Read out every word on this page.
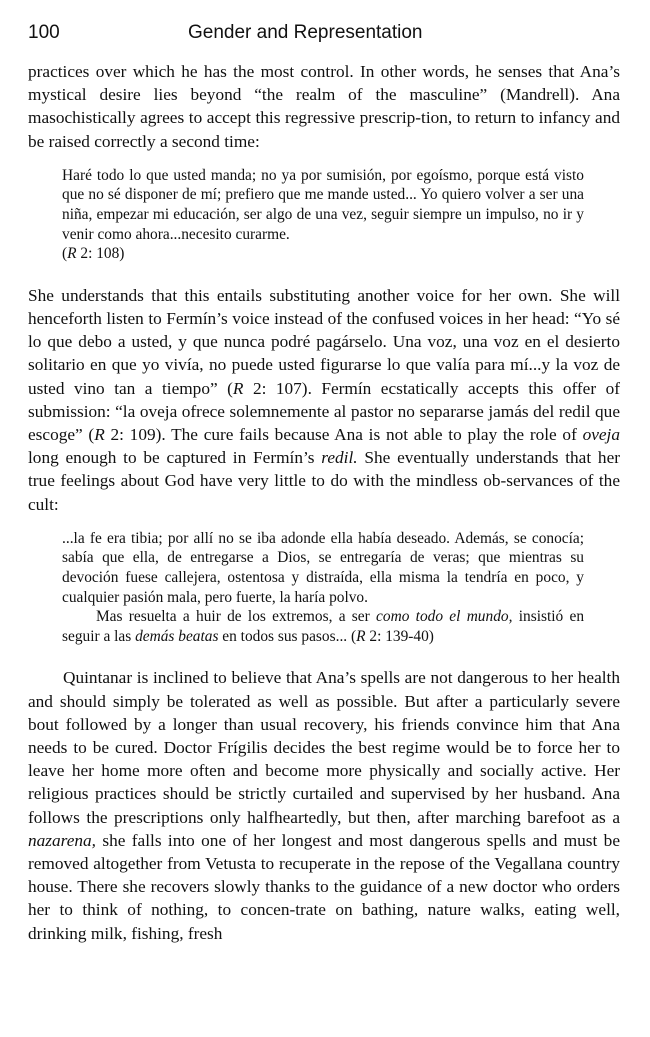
100	Gender and Representation

practices over which he has the most control. In other words, he senses that Ana’s mystical desire lies beyond “the realm of the masculine” (Mandrell). Ana masochistically agrees to accept this regressive prescrip-tion, to return to infancy and be raised correctly a second time:

Haré todo lo que usted manda; no ya por sumisión, por egoísmo, porque está visto que no sé disponer de mí; prefiero que me mande usted... Yo quiero volver a ser una niña, empezar mi educación, ser algo de una vez, seguir siempre un impulso, no ir y venir como ahora...necesito curarme.
(R 2: 108)

She understands that this entails substituting another voice for her own. She will henceforth listen to Fermín’s voice instead of the confused voices in her head: “Yo sé lo que debo a usted, y que nunca podré pagárselo. Una voz, una voz en el desierto solitario en que yo vivía, no puede usted figurarse lo que valía para mí...y la voz de usted vino tan a tiempo” (R 2: 107). Fermín ecstatically accepts this offer of submission: “la oveja ofrece solemnemente al pastor no separarse jamás del redil que escoge” (R 2: 109). The cure fails because Ana is not able to play the role of oveja long enough to be captured in Fermín’s redil. She eventually understands that her true feelings about God have very little to do with the mindless ob-servances of the cult:

...la fe era tibia; por allí no se iba adonde ella había deseado. Además, se conocía; sabía que ella, de entregarse a Dios, se entregaría de veras; que mientras su devoción fuese callejera, ostentosa y distraída, ella misma la tendría en poco, y cualquier pasión mala, pero fuerte, la haría polvo.

Mas resuelta a huir de los extremos, a ser como todo el mundo, insistió en seguir a las demás beatas en todos sus pasos... (R 2: 139-40)

Quintanar is inclined to believe that Ana’s spells are not dangerous to her health and should simply be tolerated as well as possible. But after a particularly severe bout followed by a longer than usual recovery, his friends convince him that Ana needs to be cured. Doctor Frígilis decides the best regime would be to force her to leave her home more often and become more physically and socially active. Her religious practices should be strictly curtailed and supervised by her husband. Ana follows the prescriptions only halfheartedly, but then, after marching barefoot as a nazarena, she falls into one of her longest and most dangerous spells and must be removed altogether from Vetusta to recuperate in the repose of the Vegallana country house. There she recovers slowly thanks to the guidance of a new doctor who orders her to think of nothing, to concen-trate on bathing, nature walks, eating well, drinking milk, fishing, fresh
